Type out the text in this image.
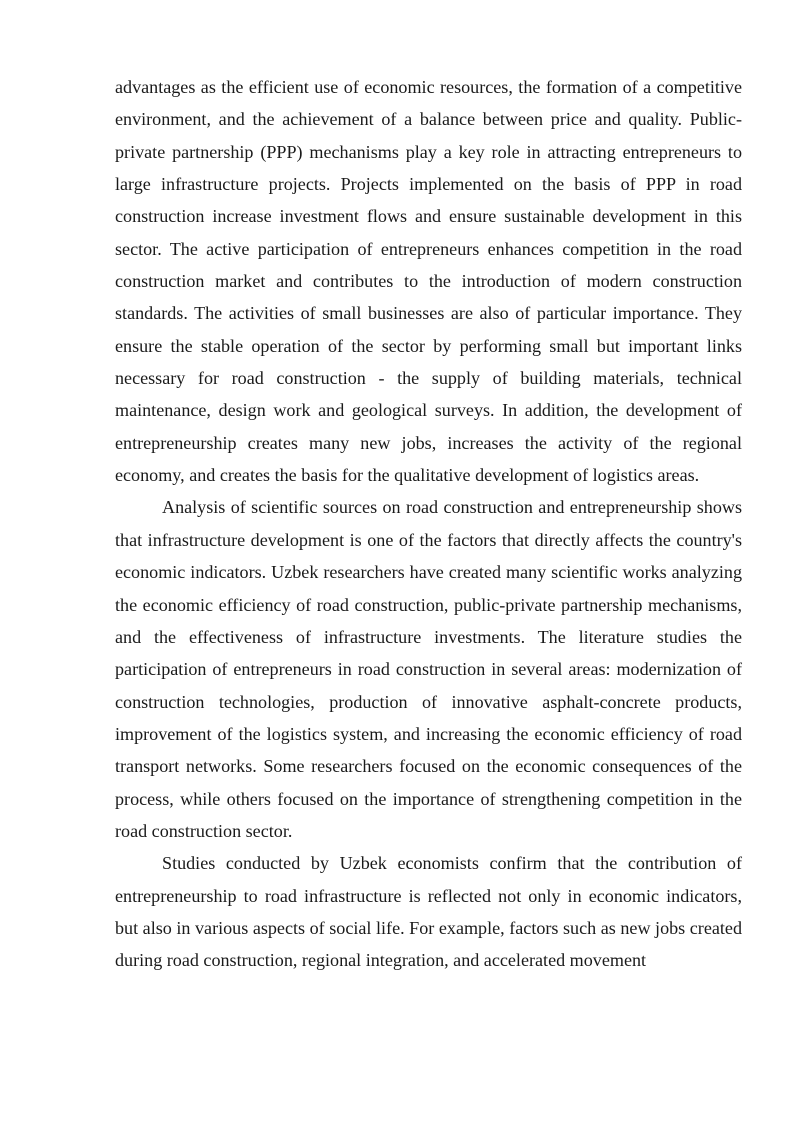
advantages as the efficient use of economic resources, the formation of a competitive environment, and the achievement of a balance between price and quality. Public-private partnership (PPP) mechanisms play a key role in attracting entrepreneurs to large infrastructure projects. Projects implemented on the basis of PPP in road construction increase investment flows and ensure sustainable development in this sector. The active participation of entrepreneurs enhances competition in the road construction market and contributes to the introduction of modern construction standards. The activities of small businesses are also of particular importance. They ensure the stable operation of the sector by performing small but important links necessary for road construction - the supply of building materials, technical maintenance, design work and geological surveys. In addition, the development of entrepreneurship creates many new jobs, increases the activity of the regional economy, and creates the basis for the qualitative development of logistics areas.

Analysis of scientific sources on road construction and entrepreneurship shows that infrastructure development is one of the factors that directly affects the country's economic indicators. Uzbek researchers have created many scientific works analyzing the economic efficiency of road construction, public-private partnership mechanisms, and the effectiveness of infrastructure investments. The literature studies the participation of entrepreneurs in road construction in several areas: modernization of construction technologies, production of innovative asphalt-concrete products, improvement of the logistics system, and increasing the economic efficiency of road transport networks. Some researchers focused on the economic consequences of the process, while others focused on the importance of strengthening competition in the road construction sector.

Studies conducted by Uzbek economists confirm that the contribution of entrepreneurship to road infrastructure is reflected not only in economic indicators, but also in various aspects of social life. For example, factors such as new jobs created during road construction, regional integration, and accelerated movement
